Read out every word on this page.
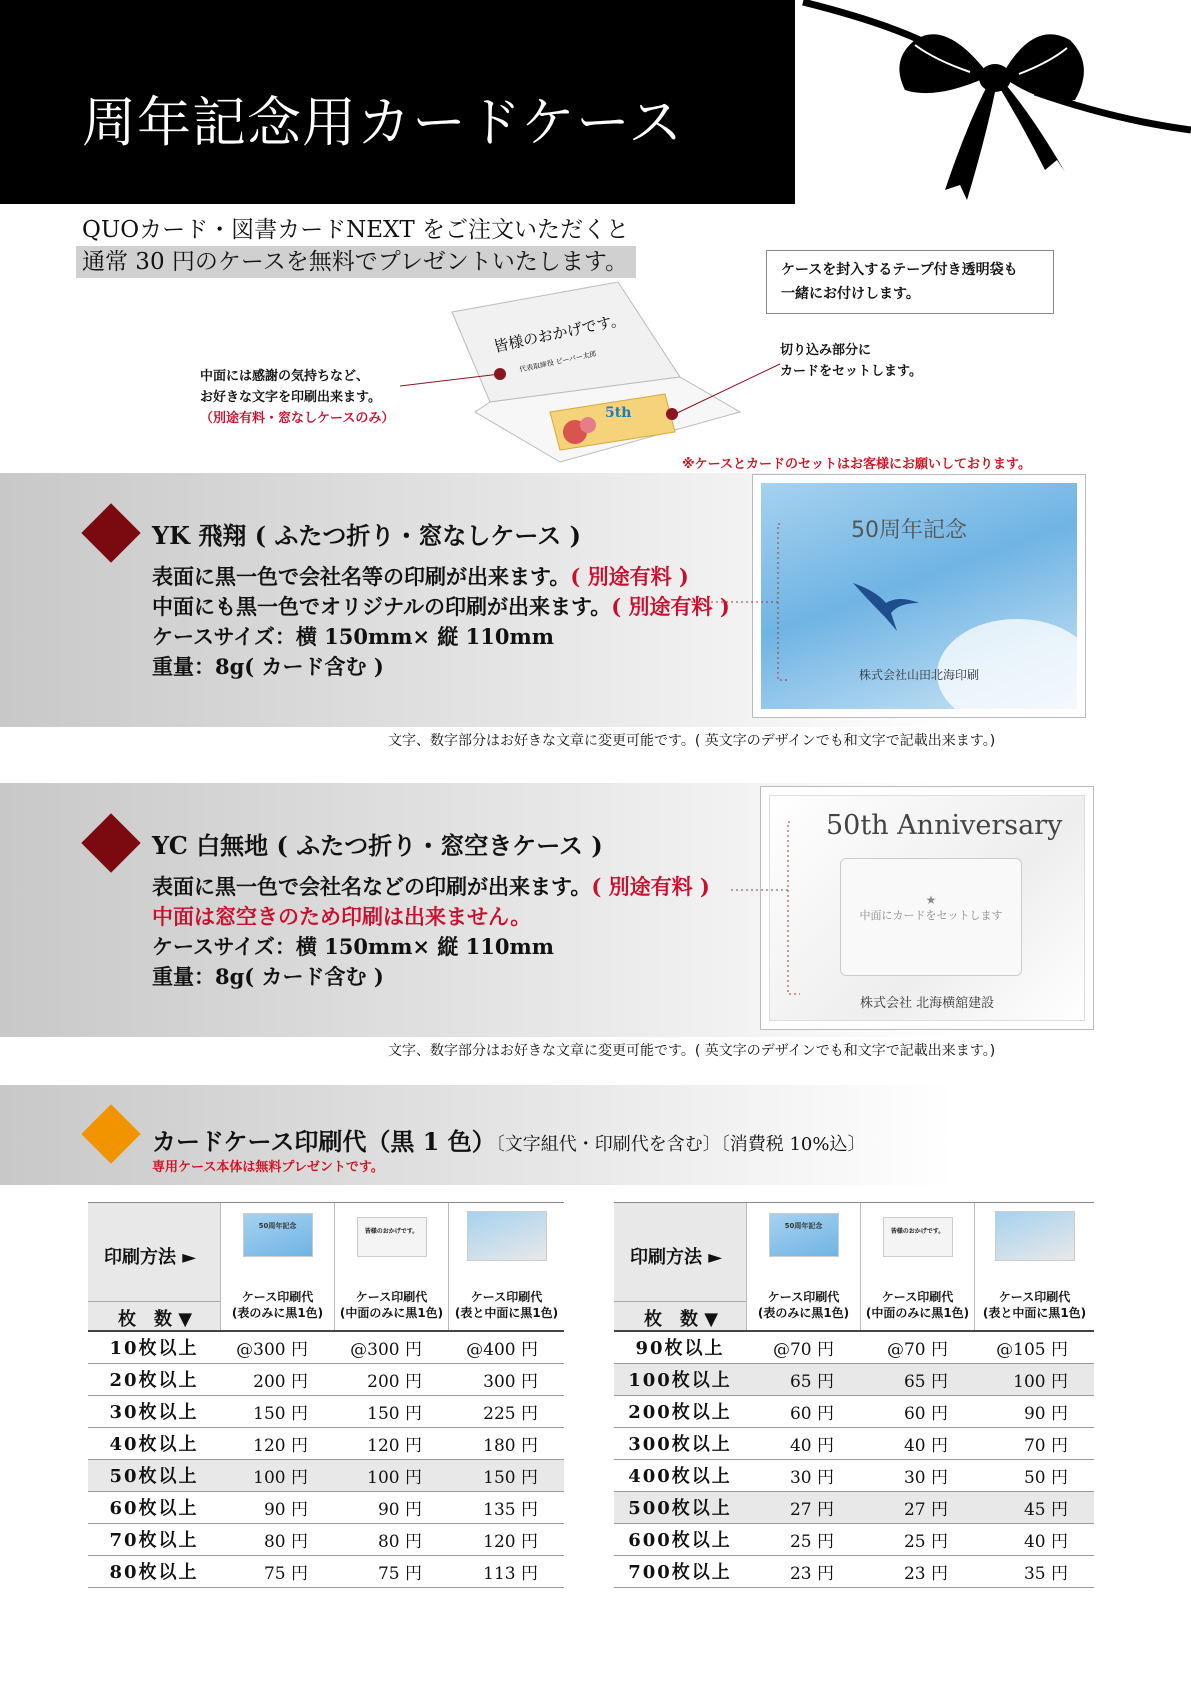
周年記念用カードケース
QUOカード・図書カードNEXT をご注文いただくと
通常 30 円のケースを無料でプレゼントいたします。	ケースを封入するテープ付き透明袋も
一緒にお付けします。
皆様のおかげです。
代表取締役 ピーパー太郎
5th
中面には感謝の気持ちなど、
お好きな文字を印刷出来ます。
（別途有料・窓なしケースのみ）
切り込み部分に
カードをセットします。
※ケースとカードのセットはお客様にお願いしております。
YK 飛翔 ( ふたつ折り・窓なしケース )
表面に黒一色で会社名等の印刷が出来ます。( 別途有料 )
中面にも黒一色でオリジナルの印刷が出来ます。( 別途有料 )
ケースサイズ：横 150mm× 縦 110mm
重量：8g( カード含む )
50周年記念
株式会社山田北海印刷
文字、数字部分はお好きな文章に変更可能です。( 英文字のデザインでも和文字で記載出来ます。)
YC 白無地 ( ふたつ折り・窓空きケース )
表面に黒一色で会社名などの印刷が出来ます。( 別途有料 )
中面は窓空きのため印刷は出来ません。
ケースサイズ：横 150mm× 縦 110mm
重量：8g( カード含む )
50th Anniversary
★
中面にカードをセットします
株式会社 北海横舘建設
文字、数字部分はお好きな文章に変更可能です。( 英文字のデザインでも和文字で記載出来ます。)
カードケース印刷代（黒 1 色）〔文字組代・印刷代を含む〕〔消費税 10%込〕
専用ケース本体は無料プレゼントです。
印刷方法 ►
枚　数 ▼
50周年記念
ケース印刷代
(表のみに黒1色)
皆様のおかげです。
ケース印刷代
(中面のみに黒1色)
ケース印刷代
(表と中面に黒1色)
印刷方法 ►
枚　数 ▼
50周年記念
ケース印刷代
(表のみに黒1色)
皆様のおかげです。
ケース印刷代
(中面のみに黒1色)
ケース印刷代
(表と中面に黒1色)
10枚以上	@300 円	@300 円	@400 円
20枚以上	200 円	200 円	300 円
30枚以上	150 円	150 円	225 円
40枚以上	120 円	120 円	180 円
50枚以上	100 円	100 円	150 円
60枚以上	90 円	90 円	135 円
70枚以上	80 円	80 円	120 円
80枚以上	75 円	75 円	113 円
90枚以上	@70 円	@70 円	@105 円
100枚以上	65 円	65 円	100 円
200枚以上	60 円	60 円	90 円
300枚以上	40 円	40 円	70 円
400枚以上	30 円	30 円	50 円
500枚以上	27 円	27 円	45 円
600枚以上	25 円	25 円	40 円
700枚以上	23 円	23 円	35 円
